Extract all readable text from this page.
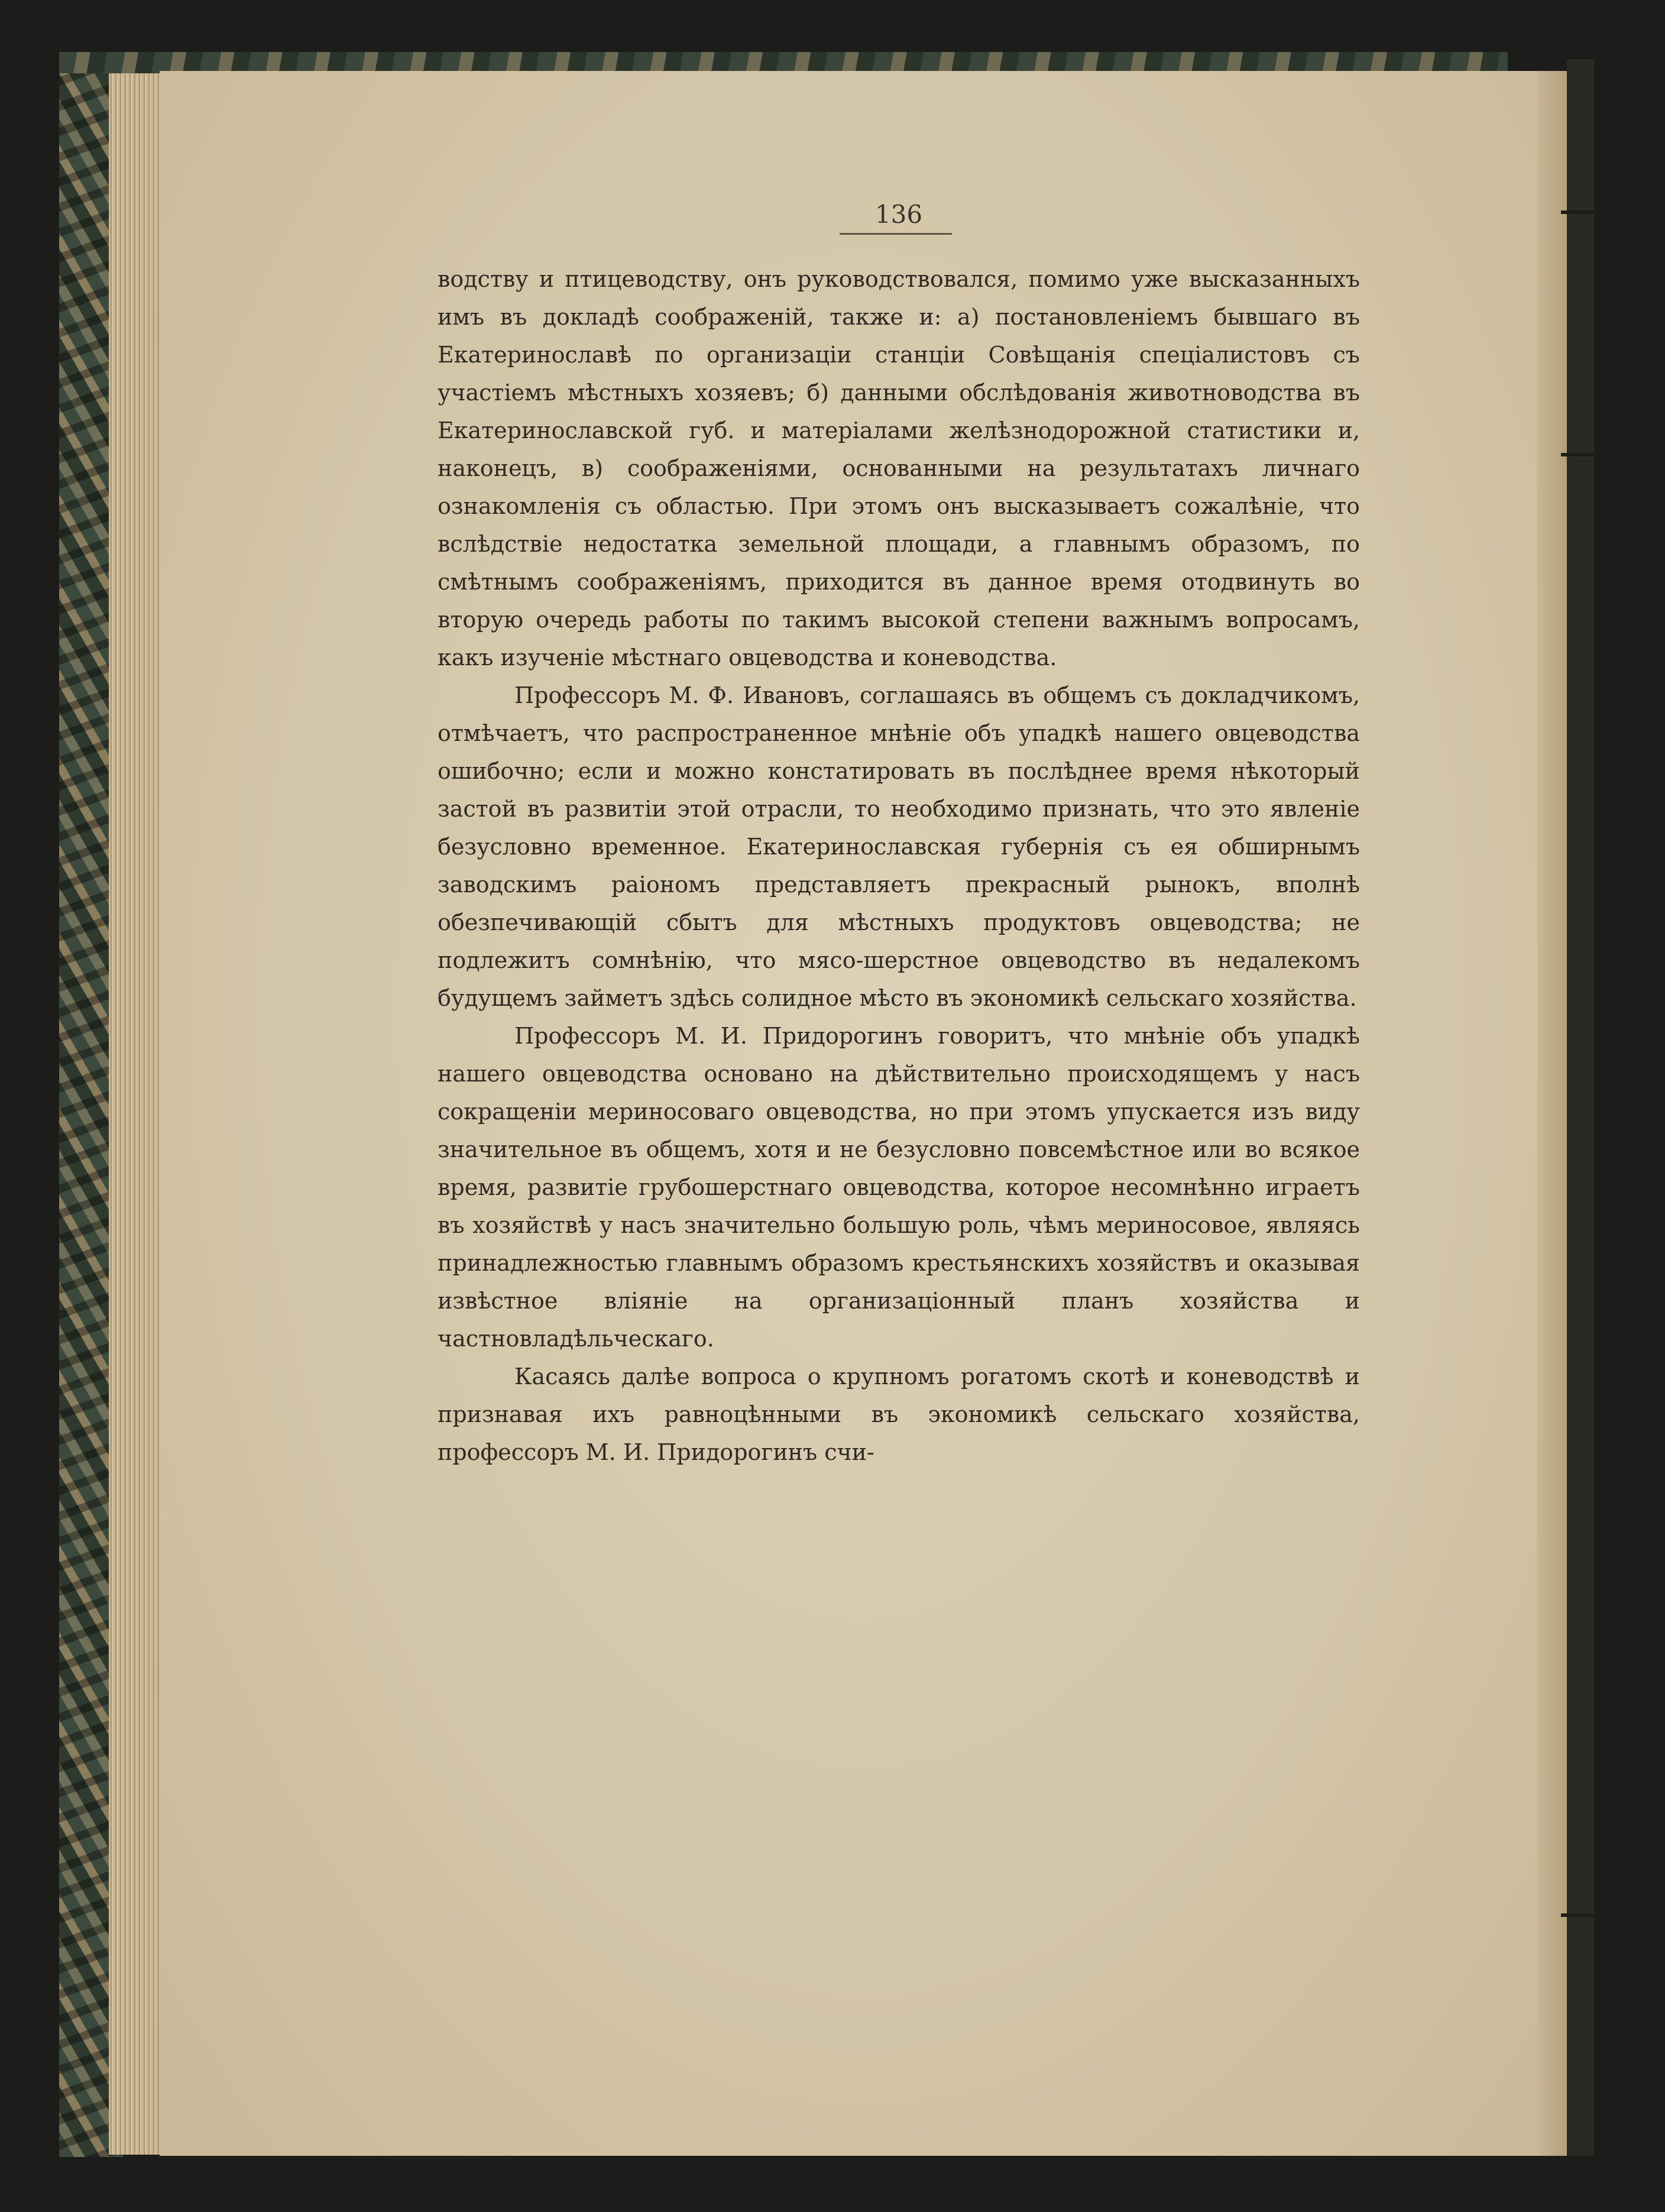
136

водству и птицеводству, онъ руководствовался, помимо уже высказанныхъ имъ въ докладѣ соображеній, также и: а) постановленіемъ бывшаго въ Екатеринославѣ по организаціи станціи Совѣщанія спеціалистовъ съ участіемъ мѣстныхъ хозяевъ; б) данными обслѣдованія животноводства въ Екатеринославской губ. и матеріалами желѣзнодорожной статистики и, наконецъ, в) соображеніями, основанными на результатахъ личнаго ознакомленія съ областью. При этомъ онъ высказываетъ сожалѣніе, что вслѣдствіе недостатка земельной площади, а главнымъ образомъ, по смѣтнымъ соображеніямъ, приходится въ данное время отодвинуть во вторую очередь работы по такимъ высокой степени важнымъ вопросамъ, какъ изученіе мѣстнаго овцеводства и коневодства.

Профессоръ М. Ф. Ивановъ, соглашаясь въ общемъ съ докладчикомъ, отмѣчаетъ, что распространенное мнѣніе объ упадкѣ нашего овцеводства ошибочно; если и можно констатировать въ послѣднее время нѣкоторый застой въ развитіи этой отрасли, то необходимо признать, что это явленіе безусловно временное. Екатеринославская губернія съ ея обширнымъ заводскимъ раіономъ представляетъ прекрасный рынокъ, вполнѣ обезпечивающій сбытъ для мѣстныхъ продуктовъ овцеводства; не подлежитъ сомнѣнію, что мясо-шерстное овцеводство въ недалекомъ будущемъ займетъ здѣсь солидное мѣсто въ экономикѣ сельскаго хозяйства.

Профессоръ М. И. Придорогинъ говоритъ, что мнѣніе объ упадкѣ нашего овцеводства основано на дѣйствительно происходящемъ у насъ сокращеніи мериносоваго овцеводства, но при этомъ упускается изъ виду значительное въ общемъ, хотя и не безусловно повсемѣстное или во всякое время, развитіе грубошерстнаго овцеводства, которое несомнѣнно играетъ въ хозяйствѣ у насъ значительно большую роль, чѣмъ мериносовое, являясь принадлежностью главнымъ образомъ крестьянскихъ хозяйствъ и оказывая извѣстное вліяніе на организаціонный планъ хозяйства и частновладѣльческаго.

Касаясь далѣе вопроса о крупномъ рогатомъ скотѣ и коневодствѣ и признавая ихъ равноцѣнными въ экономикѣ сельскаго хозяйства, профессоръ М. И. Придорогинъ счи-
